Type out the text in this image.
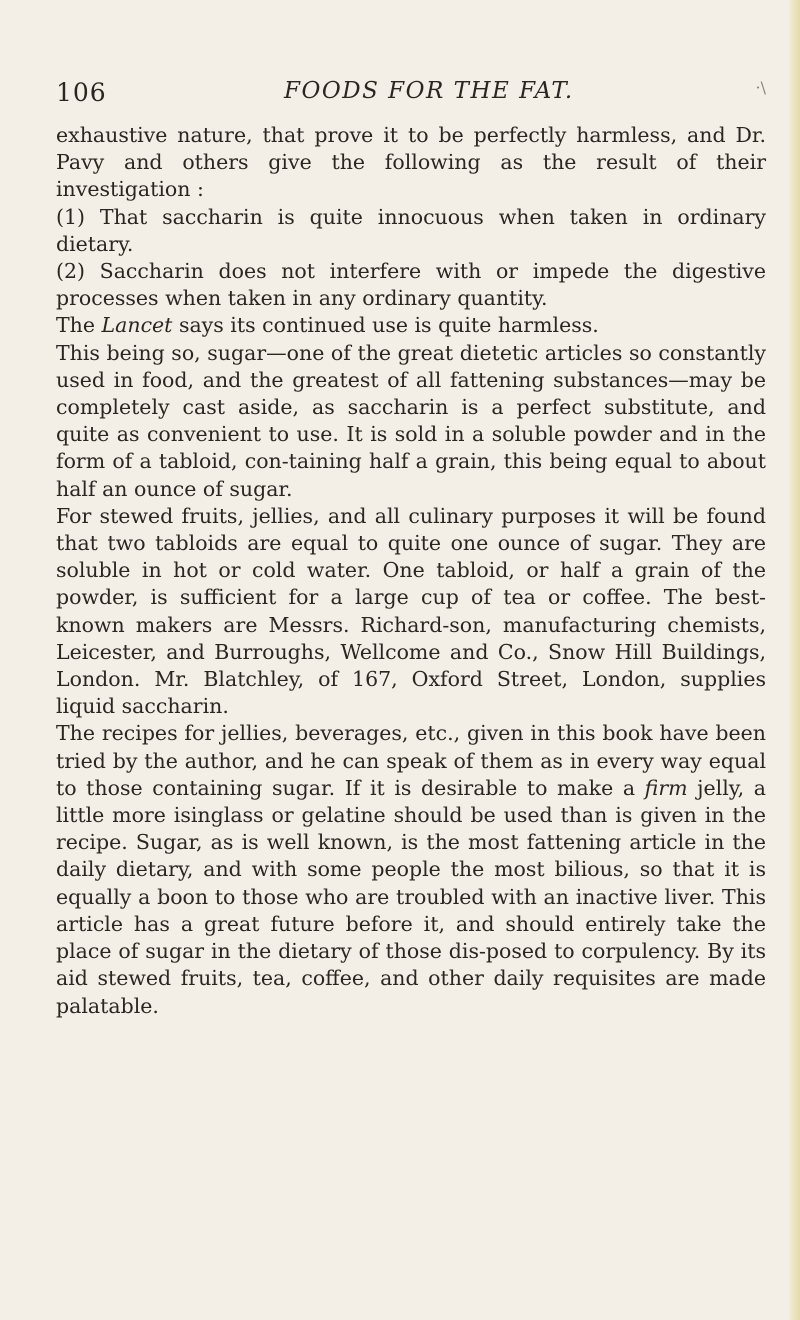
106	FOODS FOR THE FAT.	·\

exhaustive nature, that prove it to be perfectly harmless, and Dr. Pavy and others give the following as the result of their investigation :

(1) That saccharin is quite innocuous when taken in ordinary dietary.

(2) Saccharin does not interfere with or impede the digestive processes when taken in any ordinary quantity.

The Lancet says its continued use is quite harmless.

This being so, sugar—one of the great dietetic articles so constantly used in food, and the greatest of all fattening substances—may be completely cast aside, as saccharin is a perfect substitute, and quite as convenient to use. It is sold in a soluble powder and in the form of a tabloid, con-taining half a grain, this being equal to about half an ounce of sugar.

For stewed fruits, jellies, and all culinary purposes it will be found that two tabloids are equal to quite one ounce of sugar. They are soluble in hot or cold water. One tabloid, or half a grain of the powder, is sufficient for a large cup of tea or coffee. The best-known makers are Messrs. Richard-son, manufacturing chemists, Leicester, and Burroughs, Wellcome and Co., Snow Hill Buildings, London. Mr. Blatchley, of 167, Oxford Street, London, supplies liquid saccharin.

The recipes for jellies, beverages, etc., given in this book have been tried by the author, and he can speak of them as in every way equal to those containing sugar. If it is desirable to make a firm jelly, a little more isinglass or gelatine should be used than is given in the recipe. Sugar, as is well known, is the most fattening article in the daily dietary, and with some people the most bilious, so that it is equally a boon to those who are troubled with an inactive liver. This article has a great future before it, and should entirely take the place of sugar in the dietary of those dis-posed to corpulency. By its aid stewed fruits, tea, coffee, and other daily requisites are made palatable.
